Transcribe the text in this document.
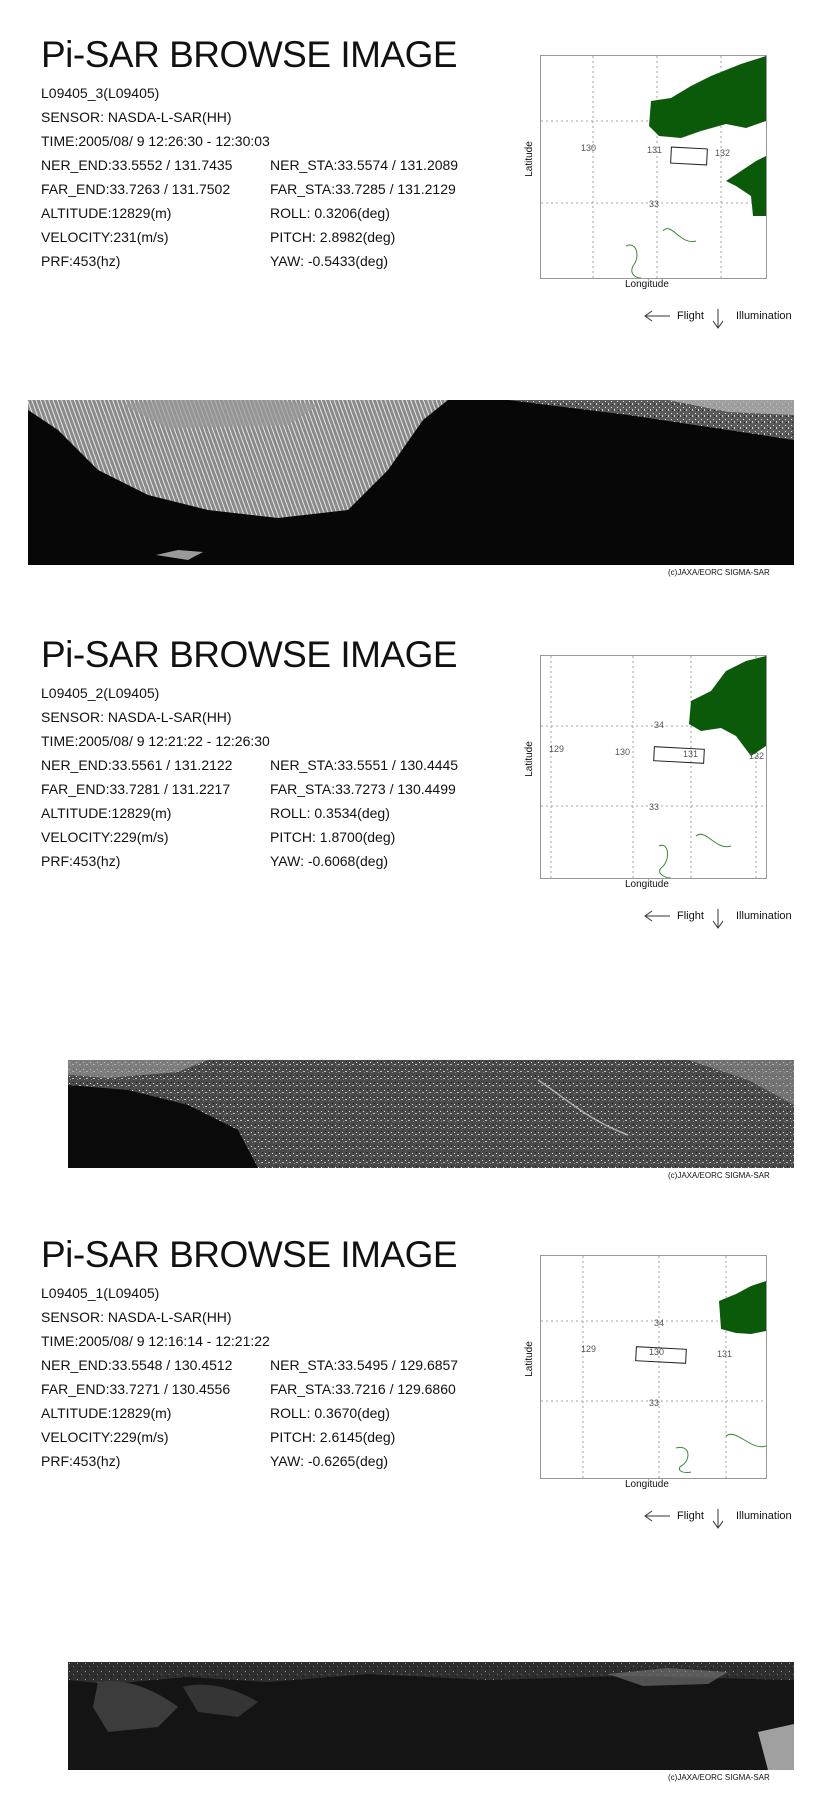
Pi-SAR BROWSE IMAGE
L09405_3(L09405)
SENSOR: NASDA-L-SAR(HH)
TIME:2005/08/ 9 12:26:30 - 12:30:03
NER_END:33.5552 / 131.7435	NER_STA:33.5574 / 131.2089
FAR_END:33.7263 / 131.7502	FAR_STA:33.7285 / 131.2129
ALTITUDE:12829(m)	ROLL: 0.3206(deg)
VELOCITY:231(m/s)	PITCH: 2.8982(deg)
PRF:453(hz)	YAW: -0.5433(deg)
130	131	132
33
Latitude
Longitude
Flight	Illumination
(c)JAXA/EORC SIGMA-SAR
Pi-SAR BROWSE IMAGE
L09405_2(L09405)
SENSOR: NASDA-L-SAR(HH)
TIME:2005/08/ 9 12:21:22 - 12:26:30
NER_END:33.5561 / 131.2122	NER_STA:33.5551 / 130.4445
FAR_END:33.7281 / 131.2217	FAR_STA:33.7273 / 130.4499
ALTITUDE:12829(m)	ROLL: 0.3534(deg)
VELOCITY:229(m/s)	PITCH: 1.8700(deg)
PRF:453(hz)	YAW: -0.6068(deg)
129	130	131	132
34
33
Latitude
Longitude
Flight	Illumination
(c)JAXA/EORC SIGMA-SAR
Pi-SAR BROWSE IMAGE
L09405_1(L09405)
SENSOR: NASDA-L-SAR(HH)
TIME:2005/08/ 9 12:16:14 - 12:21:22
NER_END:33.5548 / 130.4512	NER_STA:33.5495 / 129.6857
FAR_END:33.7271 / 130.4556	FAR_STA:33.7216 / 129.6860
ALTITUDE:12829(m)	ROLL: 0.3670(deg)
VELOCITY:229(m/s)	PITCH: 2.6145(deg)
PRF:453(hz)	YAW: -0.6265(deg)
129	130	131
34
33
Latitude
Longitude
Flight	Illumination
(c)JAXA/EORC SIGMA-SAR
